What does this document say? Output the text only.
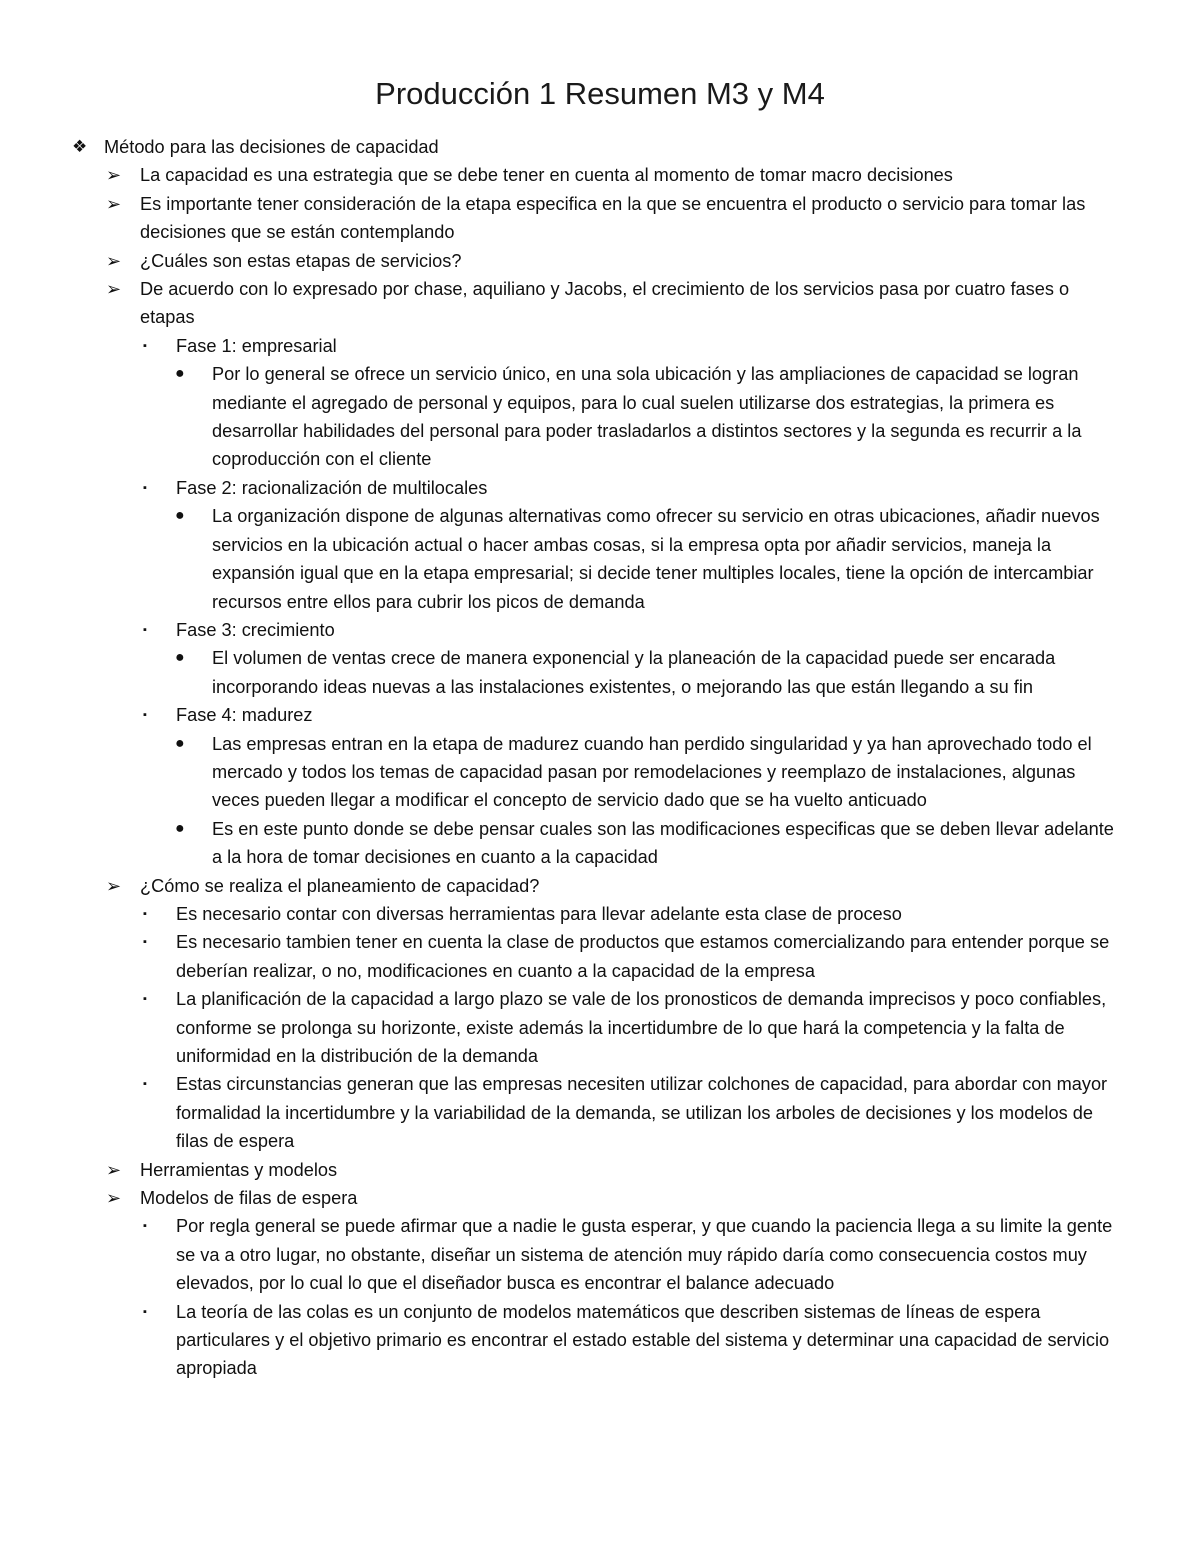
Producción 1 Resumen M3 y M4
❖ Método para las decisiones de capacidad
➢ La capacidad es una estrategia que se debe tener en cuenta al momento de tomar macro decisiones
➢ Es importante tener consideración de la etapa especifica en la que se encuentra el producto o servicio para tomar las decisiones que se están contemplando
➢ ¿Cuáles son estas etapas de servicios?
➢ De acuerdo con lo expresado por chase, aquiliano y Jacobs, el crecimiento de los servicios pasa por cuatro fases o etapas
▪ Fase 1: empresarial
● Por lo general se ofrece un servicio único, en una sola ubicación y las ampliaciones de capacidad se logran mediante el agregado de personal y equipos, para lo cual suelen utilizarse dos estrategias, la primera es desarrollar habilidades del personal para poder trasladarlos a distintos sectores y la segunda es recurrir a la coproducción con el cliente
▪ Fase 2: racionalización de multilocales
● La organización dispone de algunas alternativas como ofrecer su servicio en otras ubicaciones, añadir nuevos servicios en la ubicación actual o hacer ambas cosas, si la empresa opta por añadir servicios, maneja la expansión igual que en la etapa empresarial; si decide tener multiples locales, tiene la opción de intercambiar recursos entre ellos para cubrir los picos de demanda
▪ Fase 3: crecimiento
● El volumen de ventas crece de manera exponencial y la planeación de la capacidad puede ser encarada incorporando ideas nuevas a las instalaciones existentes, o mejorando las que están llegando a su fin
▪ Fase 4: madurez
● Las empresas entran en la etapa de madurez cuando han perdido singularidad y ya han aprovechado todo el mercado y todos los temas de capacidad pasan por remodelaciones y reemplazo de instalaciones, algunas veces pueden llegar a modificar el concepto de servicio dado que se ha vuelto anticuado
● Es en este punto donde se debe pensar cuales son las modificaciones especificas que se deben llevar adelante a la hora de tomar decisiones en cuanto a la capacidad
➢ ¿Cómo se realiza el planeamiento de capacidad?
▪ Es necesario contar con diversas herramientas para llevar adelante esta clase de proceso
▪ Es necesario tambien tener en cuenta la clase de productos que estamos comercializando para entender porque se deberían realizar, o no, modificaciones en cuanto a la capacidad de la empresa
▪ La planificación de la capacidad a largo plazo se vale de los pronosticos de demanda imprecisos y poco confiables, conforme se prolonga su horizonte, existe además la incertidumbre de lo que hará la competencia y la falta de uniformidad en la distribución de la demanda
▪ Estas circunstancias generan que las empresas necesiten utilizar colchones de capacidad, para abordar con mayor formalidad la incertidumbre y la variabilidad de la demanda, se utilizan los arboles de decisiones y los modelos de filas de espera
➢ Herramientas y modelos
➢ Modelos de filas de espera
▪ Por regla general se puede afirmar que a nadie le gusta esperar, y que cuando la paciencia llega a su limite la gente se va a otro lugar, no obstante, diseñar un sistema de atención muy rápido daría como consecuencia costos muy elevados, por lo cual lo que el diseñador busca es encontrar el balance adecuado
▪ La teoría de las colas es un conjunto de modelos matemáticos que describen sistemas de líneas de espera particulares y el objetivo primario es encontrar el estado estable del sistema y determinar una capacidad de servicio apropiada
